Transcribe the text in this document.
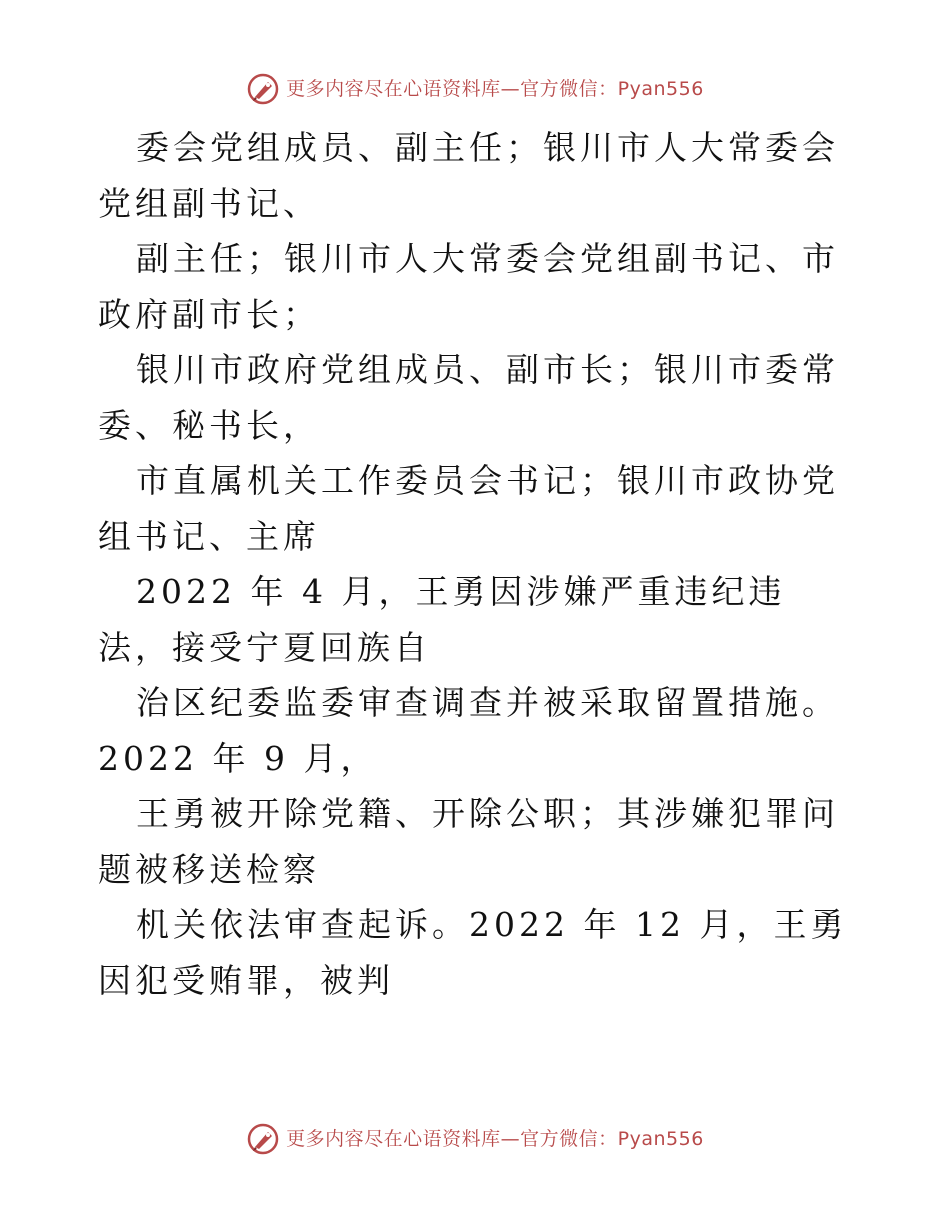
更多内容尽在心语资料库—官方微信：Pyan556

委会党组成员、副主任；银川市人大常委会党组副书记、

副主任；银川市人大常委会党组副书记、市政府副市长；

银川市政府党组成员、副市长；银川市委常委、秘书长，

市直属机关工作委员会书记；银川市政协党组书记、主席

2022 年 4 月，王勇因涉嫌严重违纪违法，接受宁夏回族自

治区纪委监委审查调查并被采取留置措施。2022 年 9 月，

王勇被开除党籍、开除公职；其涉嫌犯罪问题被移送检察

机关依法审查起诉。2022 年 12 月，王勇因犯受贿罪，被判

更多内容尽在心语资料库—官方微信：Pyan556
